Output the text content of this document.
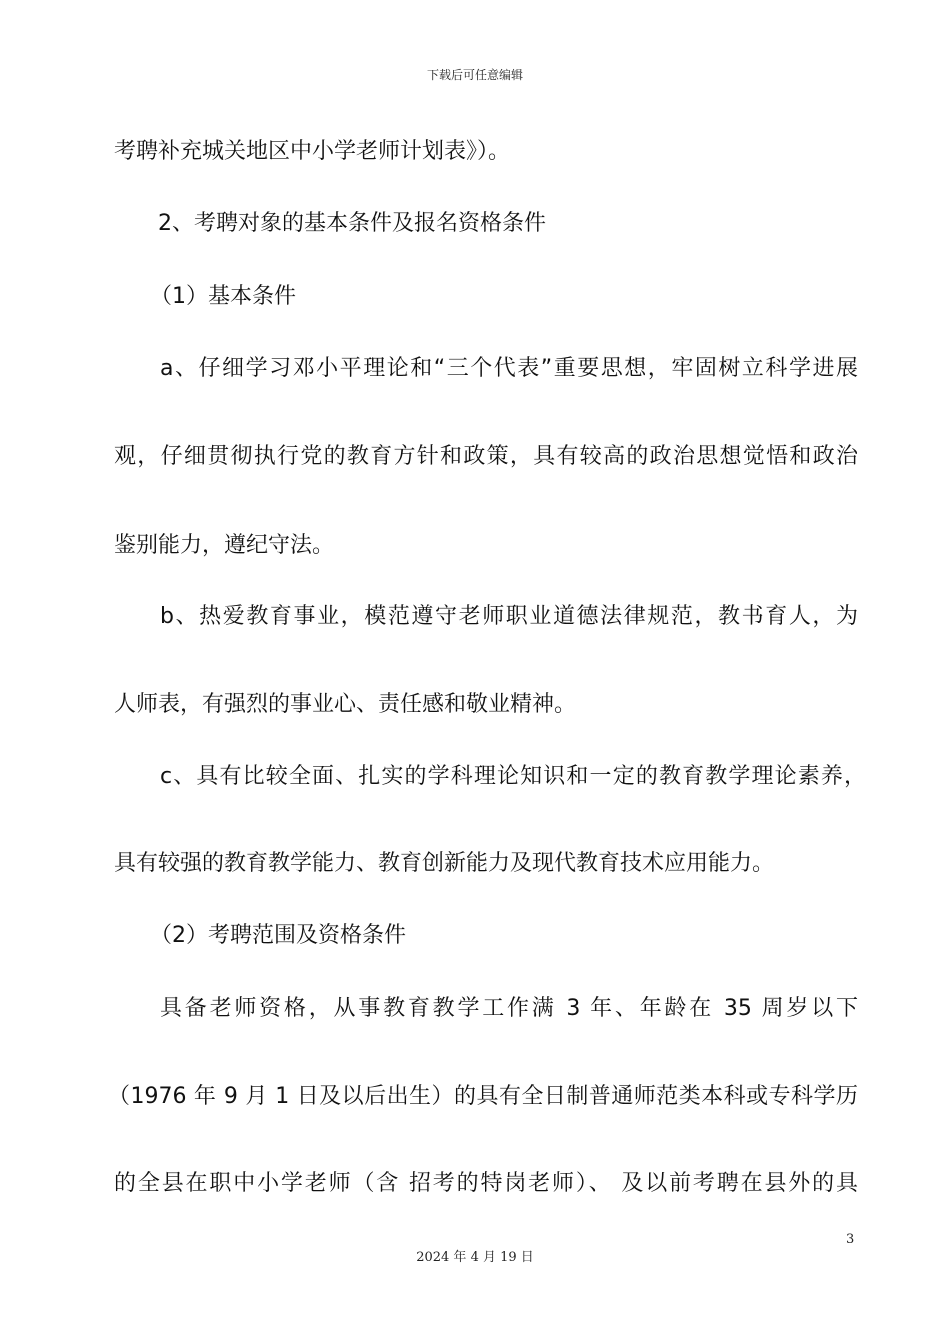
下载后可任意编辑
考聘补充城关地区中小学老师计划表》）。
2、考聘对象的基本条件及报名资格条件
（1）基本条件
a、仔细学习邓小平理论和“三个代表”重要思想，牢固树立科学进展
观，仔细贯彻执行党的教育方针和政策，具有较高的政治思想觉悟和政治
鉴别能力，遵纪守法。
b、热爱教育事业，模范遵守老师职业道德法律规范，教书育人，为
人师表，有强烈的事业心、责任感和敬业精神。
c、具有比较全面、扎实的学科理论知识和一定的教育教学理论素养，
具有较强的教育教学能力、教育创新能力及现代教育技术应用能力。
（2）考聘范围及资格条件
具备老师资格，从事教育教学工作满 3 年、年龄在 35 周岁以下
（1976 年 9 月 1 日及以后出生）的具有全日制普通师范类本科或专科学历
的全县在职中小学老师（含 招考的特岗老师）、 及以前考聘在县外的具
3
2024 年 4 月 19 日
